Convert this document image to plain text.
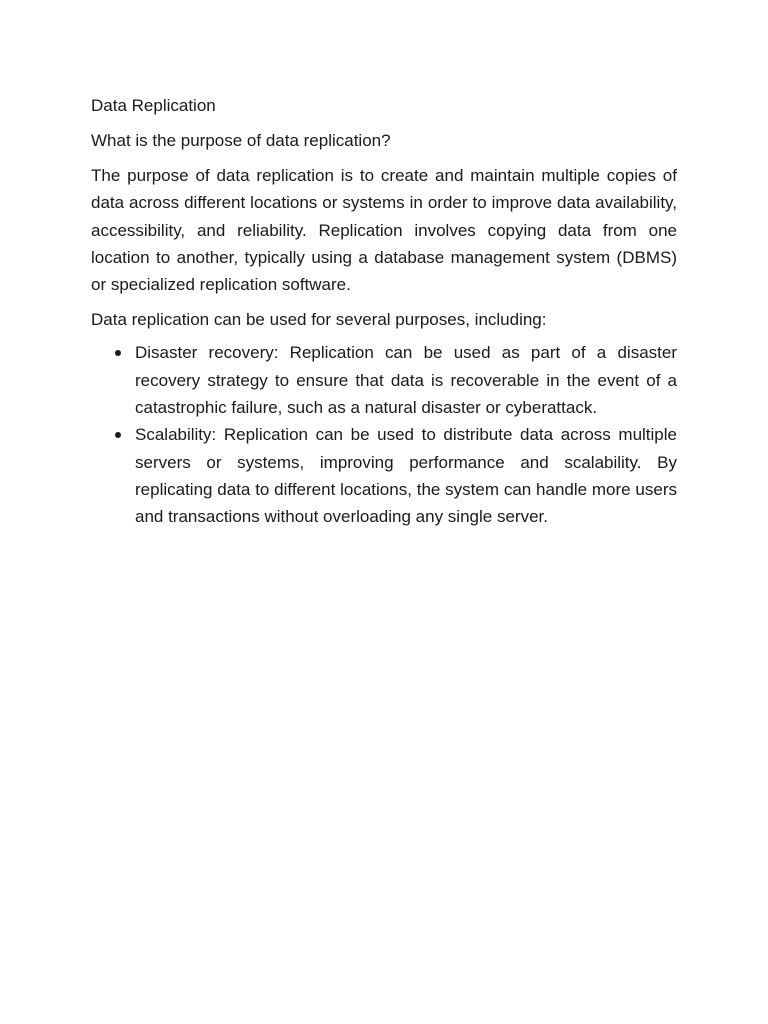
Data Replication

What is the purpose of data replication?

The purpose of data replication is to create and maintain multiple copies of data across different locations or systems in order to improve data availability, accessibility, and reliability. Replication involves copying data from one location to another, typically using a database management system (DBMS) or specialized replication software.

Data replication can be used for several purposes, including:

Disaster recovery: Replication can be used as part of a disaster recovery strategy to ensure that data is recoverable in the event of a catastrophic failure, such as a natural disaster or cyberattack.
Scalability: Replication can be used to distribute data across multiple servers or systems, improving performance and scalability. By replicating data to different locations, the system can handle more users and transactions without overloading any single server.
